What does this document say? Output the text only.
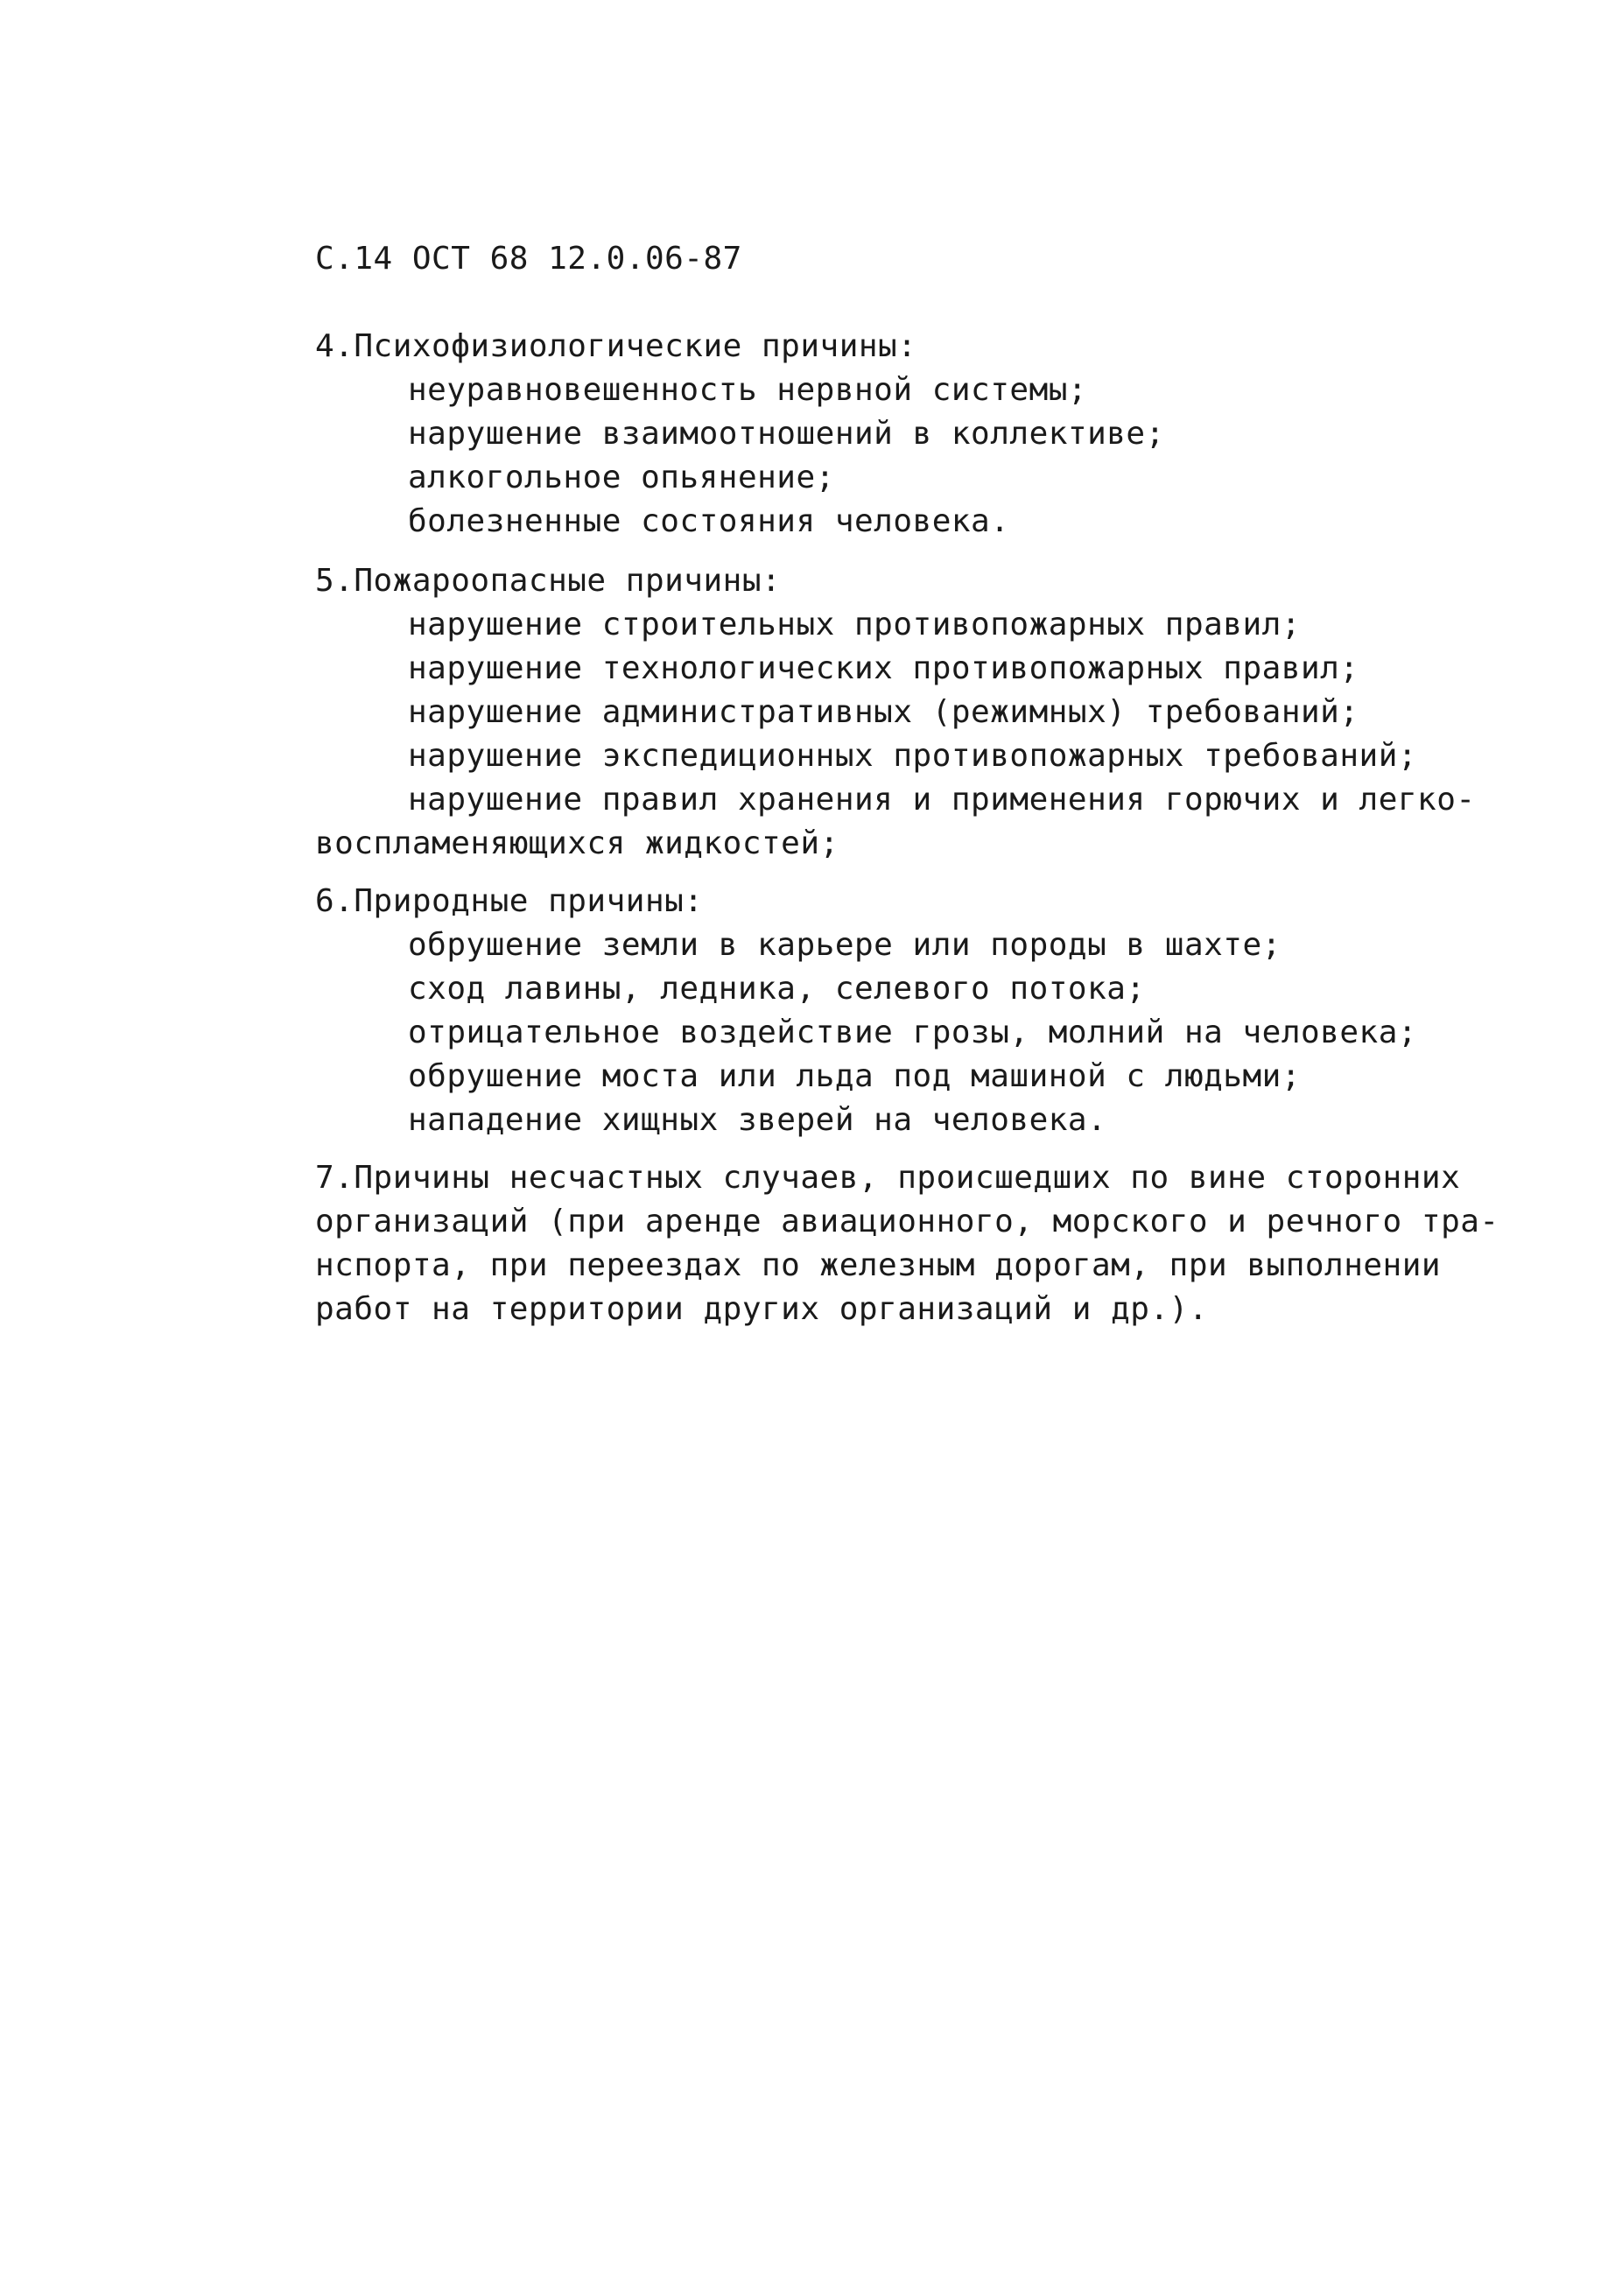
С.14 ОСТ 68 12.0.06-87
4.Психофизиологические причины:
неуравновешенность нервной системы;
нарушение взаимоотношений в коллективе;
алкогольное опьянение;
болезненные состояния человека.
5.Пожароопасные причины:
нарушение строительных противопожарных правил;
нарушение технологических противопожарных правил;
нарушение административных (режимных) требований;
нарушение экспедиционных противопожарных требований;
нарушение правил хранения и применения горючих и легко-
воспламеняющихся жидкостей;
6.Природные причины:
обрушение земли в карьере или породы в шахте;
сход лавины, ледника, селевого потока;
отрицательное воздействие грозы, молний на человека;
обрушение моста или льда под машиной с людьми;
нападение хищных зверей на человека.
7.Причины несчастных случаев, происшедших по вине сторонних
организаций (при аренде авиационного, морского и речного тра-
нспорта, при переездах по железным дорогам, при выполнении
работ на территории других организаций и др.).
